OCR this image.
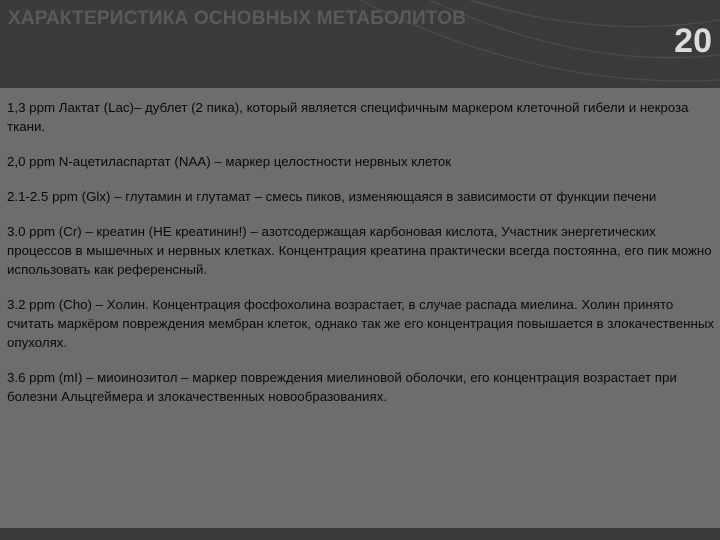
ХАРАКТЕРИСТИКА ОСНОВНЫХ МЕТАБОЛИТОВ
20

1,3 ppm Лактат (Lac)– дублет (2 пика), который является специфичным маркером клеточной гибели и некроза ткани.

2,0 ppm N-ацетиласпартат (NAA) – маркер целостности нервных клеток

2.1-2.5 ppm (Glx) – глутамин и глутамат – смесь пиков, изменяющаяся в зависимости от функции печени

3.0 ppm (Cr) – креатин (НЕ креатинин!) – азотсодержащая карбоновая кислота, Участник энергетических процессов в мышечных и нервных клетках. Концентрация креатина практически всегда постоянна, его пик можно использовать как референсный.

3.2 ppm (Cho) – Холин. Концентрация фосфохолина возрастает, в случае распада миелина. Холин принято считать маркёром повреждения мембран клеток, однако так же его концентрация повышается в злокачественных опухолях.

3.6 ppm (mI) – миоинозитол – маркер повреждения миелиновой оболочки, его концентрация возрастает при болезни Альцгеймера и злокачественных новообразованиях.
